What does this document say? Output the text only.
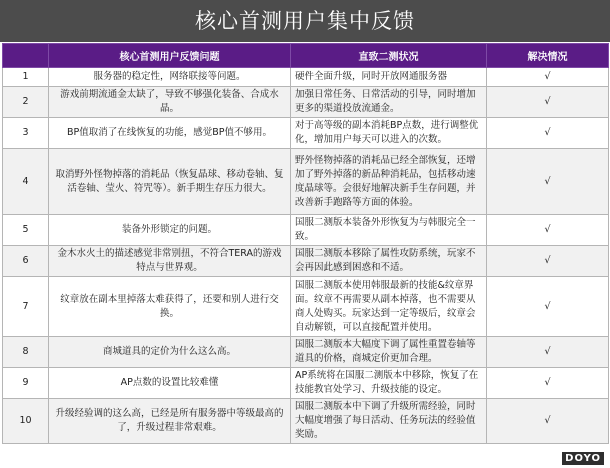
核心首测用户集中反馈
	核心首测用户反馈问题	直致二测状况	解决情况
1	服务器的稳定性，网络联接等问题。	硬件全面升级，同时开放网通服务器	√
2	游戏前期流通金太缺了，导致不够强化装备、合成水晶。	加强日常任务、日常活动的引导，同时增加更多的渠道投放流通金。	√
3	BP值取消了在线恢复的功能，感觉BP值不够用。	对于高等级的副本消耗BP点数，进行调整优化，增加用户每天可以进入的次数。	√
4	取消野外怪物掉落的消耗品（恢复晶球、移动卷轴、复活卷轴、莹火、符咒等）。新手期生存压力很大。	野外怪物掉落的消耗品已经全部恢复，还增加了野外掉落的新品种消耗品，包括移动速度晶球等。会很好地解决新手生存问题，并改善新手跑路等方面的体验。	√
5	装备外形锁定的问题。	国服二测版本装备外形恢复为与韩服完全一致。	√
6	金木水火土的描述感觉非常别扭，不符合TERA的游戏特点与世界观。	国服二测版本移除了属性攻防系统，玩家不会再因此感到困惑和不适。	√
7	纹章放在副本里掉落太难获得了，还要和别人进行交换。	国服二测版本使用韩服最新的技能&纹章界面。纹章不再需要从副本掉落，也不需要从商人处购买。玩家达到一定等级后，纹章会自动解锁，可以直接配置并使用。	√
8	商城道具的定价为什么这么高。	国服二测版本大幅度下调了属性重置卷轴等道具的价格，商城定价更加合理。	√
9	AP点数的设置比较难懂	AP系统将在国服二测版本中移除，恢复了在技能教官处学习、升级技能的设定。	√
10	升级经验调的这么高，已经是所有服务器中等级最高的了，升级过程非常艰难。	国服二测版本中下调了升级所需经验，同时大幅度增强了每日活动、任务玩法的经验值奖励。	√
DOYO
